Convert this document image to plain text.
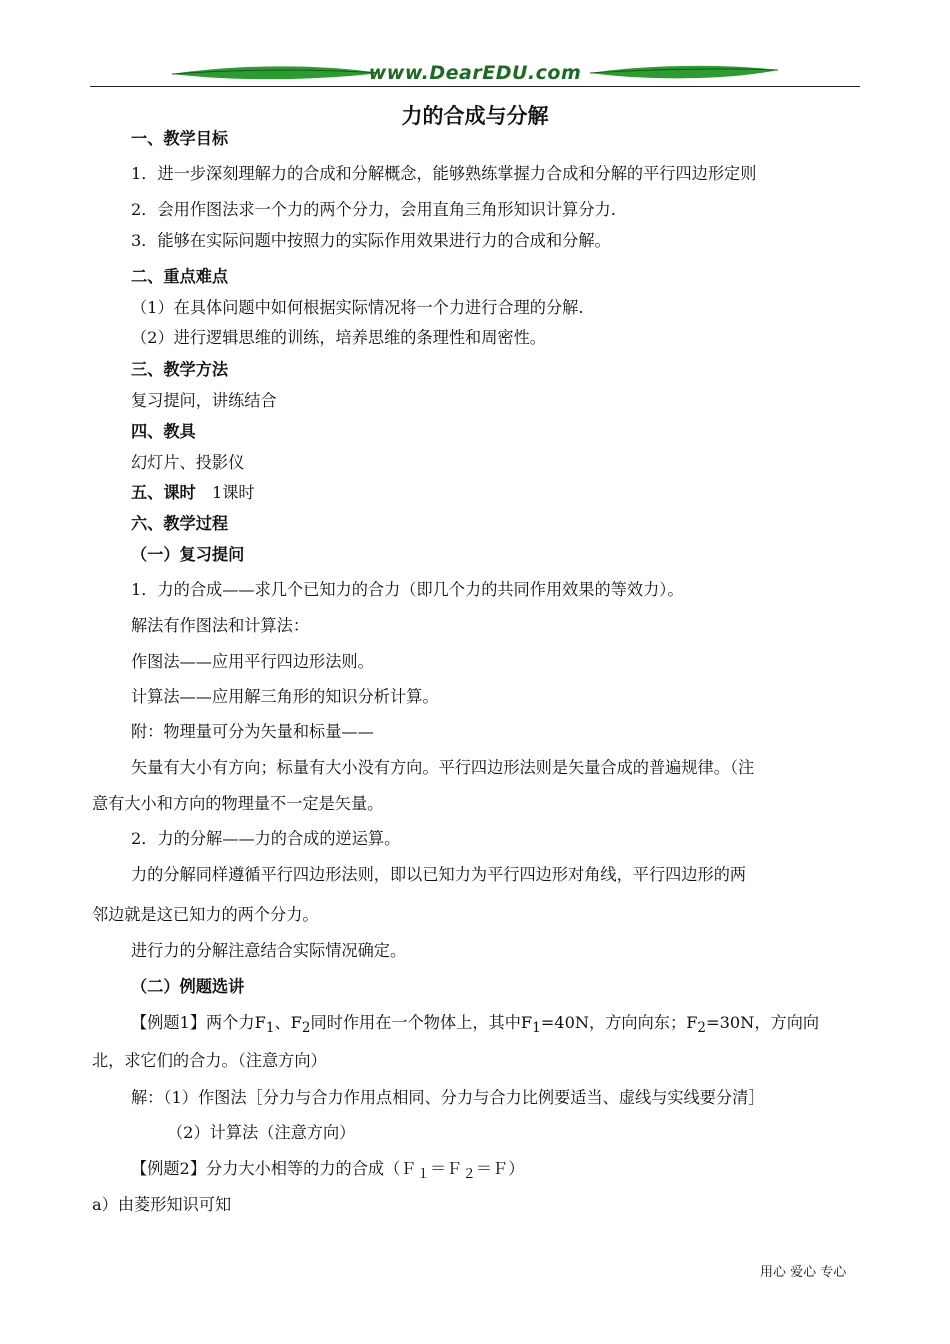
www.DearEDU.com
力的合成与分解
一、教学目标
1．进一步深刻理解力的合成和分解概念，能够熟练掌握力合成和分解的平行四边形定则
2．会用作图法求一个力的两个分力，会用直角三角形知识计算分力.
3．能够在实际问题中按照力的实际作用效果进行力的合成和分解。
二、重点难点
（1）在具体问题中如何根据实际情况将一个力进行合理的分解.
（2）进行逻辑思维的训练，培养思维的条理性和周密性。
三、教学方法
复习提问，讲练结合
四、教具
幻灯片、投影仪
五、课时　 1课时
六、教学过程
（一）复习提问
1．力的合成——求几个已知力的合力（即几个力的共同作用效果的等效力）。
解法有作图法和计算法：
作图法——应用平行四边形法则。
计算法——应用解三角形的知识分析计算。
附：物理量可分为矢量和标量——
矢量有大小有方向；标量有大小没有方向。平行四边形法则是矢量合成的普遍规律。（注
意有大小和方向的物理量不一定是矢量。
2．力的分解——力的合成的逆运算。
力的分解同样遵循平行四边形法则，即以已知力为平行四边形对角线，平行四边形的两
邻边就是这已知力的两个分力。
进行力的分解注意结合实际情况确定。
（二）例题选讲
【例题1】两个力$F_1$、$F_2$同时作用在一个物体上，其中$F_1=40N$，方向向东；$F_2=30N$，方向向
北，求它们的合力。（注意方向）
解：（1）作图法［分力与合力作用点相同、分力与合力比例要适当、虚线与实线要分清］
（2）计算法（注意方向）
【例题2】分力大小相等的力的合成（Ｆ$_1$＝Ｆ$_2$＝Ｆ）
a）由菱形知识可知
用心 爱心 专心
